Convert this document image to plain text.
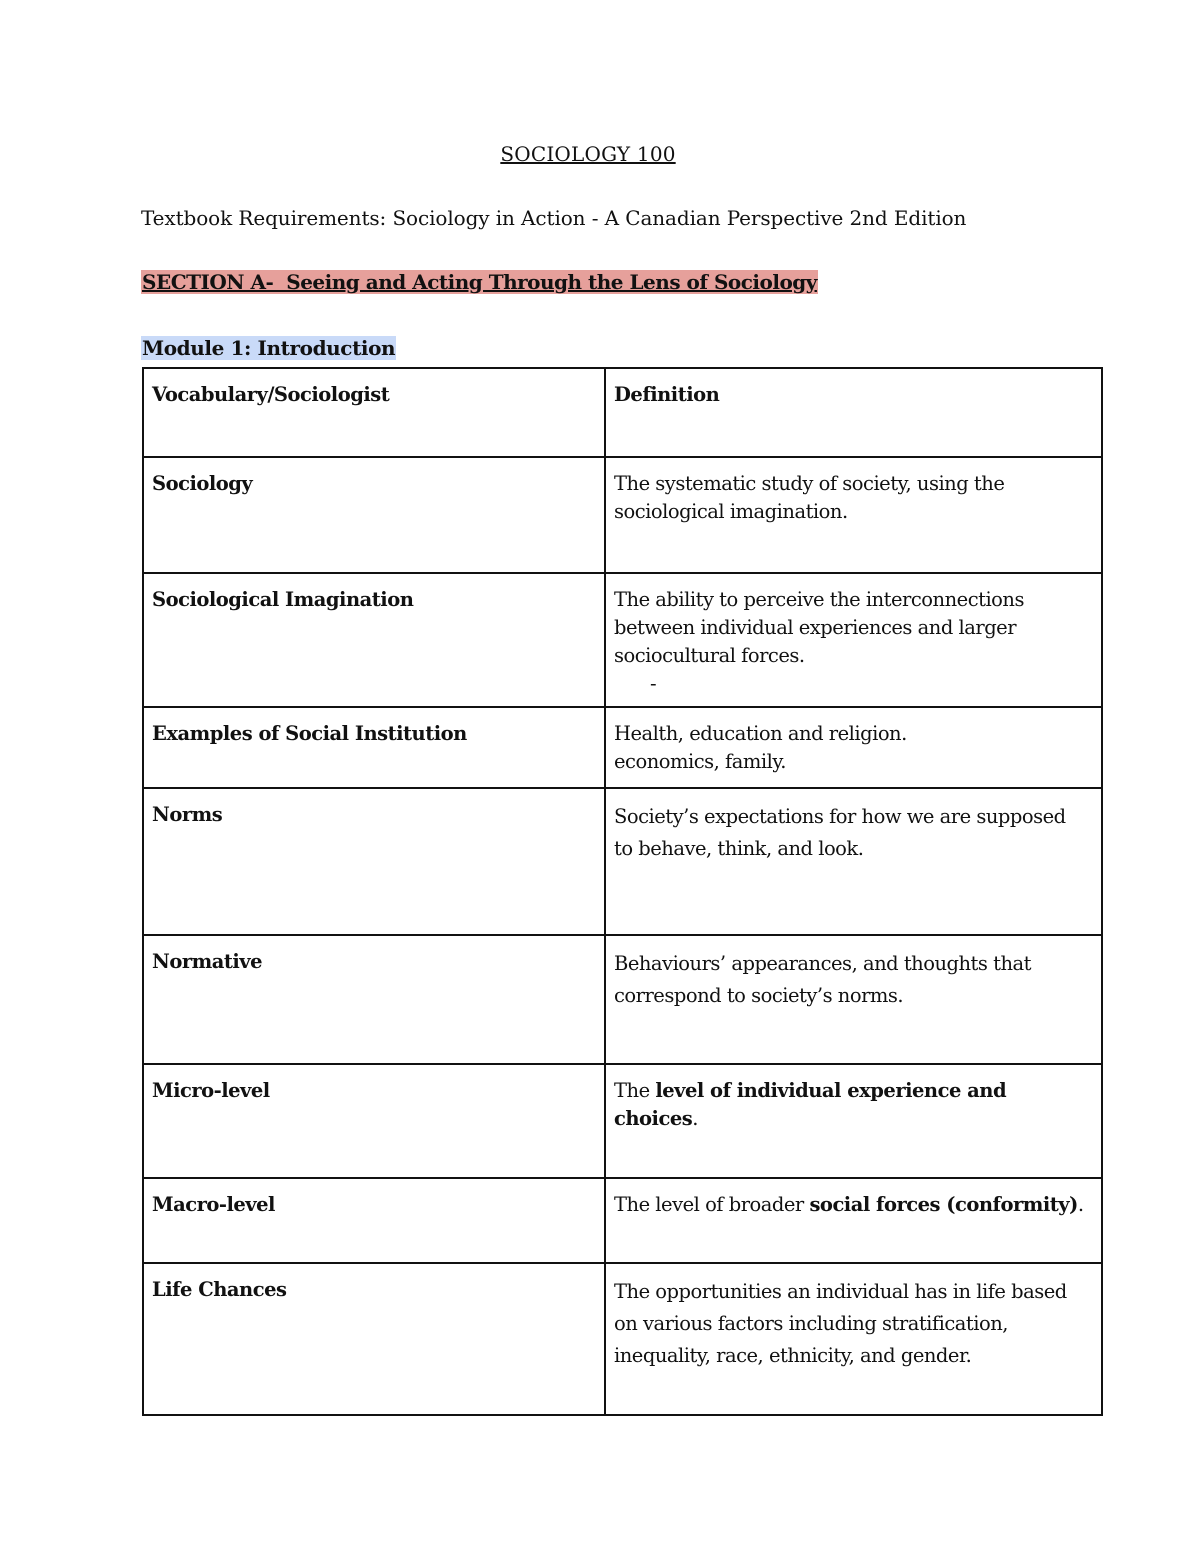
SOCIOLOGY 100
Textbook Requirements: Sociology in Action - A Canadian Perspective 2nd Edition
SECTION A-  Seeing and Acting Through the Lens of Sociology
Module 1: Introduction
Vocabulary/Sociologist	Definition
Sociology	The systematic study of society, using the
sociological imagination.

Sociological Imagination	The ability to perceive the interconnections
between individual experiences and larger
sociocultural forces.
-

Examples of Social Institution	Health, education and religion.
economics, family.

Norms	Society’s expectations for how we are supposed
to behave, think, and look.

Normative	Behaviours’ appearances, and thoughts that
correspond to society’s norms.

Micro-level	The level of individual experience and choices.
Macro-level	The level of broader social forces (conformity).
Life Chances	The opportunities an individual has in life based
on various factors including stratification,
inequality, race, ethnicity, and gender.
